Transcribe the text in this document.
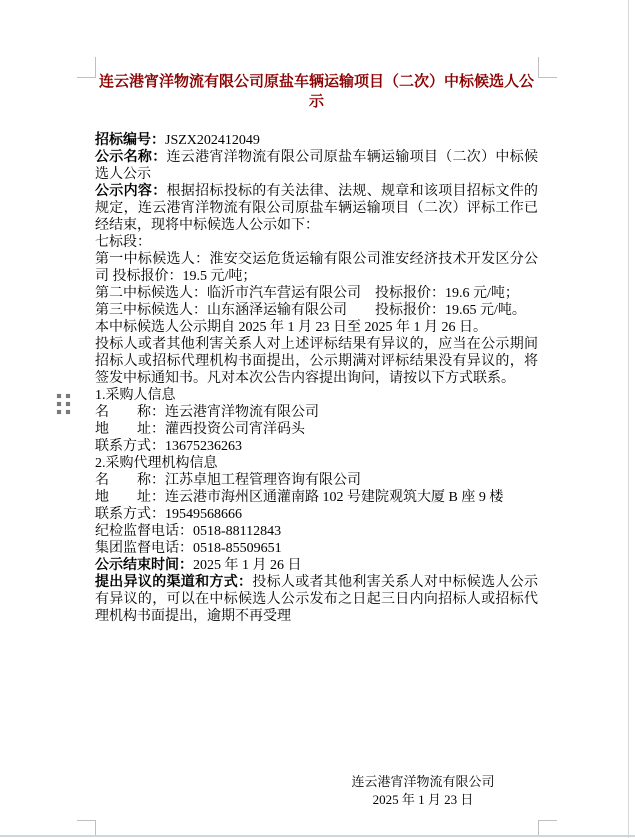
连云港宵洋物流有限公司原盐车辆运输项目（二次）中标候选人公示

招标编号：JSZX202412049

公示名称：连云港宵洋物流有限公司原盐车辆运输项目（二次）中标候选人公示

公示内容：根据招标投标的有关法律、法规、规章和该项目招标文件的规定，连云港宵洋物流有限公司原盐车辆运输项目（二次）评标工作已经结束，现将中标候选人公示如下：

七标段：

第一中标候选人：淮安交运危货运输有限公司淮安经济技术开发区分公司 投标报价：19.5 元/吨；

第二中标候选人：临沂市汽车营运有限公司　投标报价：19.6 元/吨；

第三中标候选人：山东涵泽运输有限公司　　投标报价：19.65 元/吨。

本中标候选人公示期自 2025 年 1 月 23 日至 2025 年 1 月 26 日。

投标人或者其他利害关系人对上述评标结果有异议的，应当在公示期间招标人或招标代理机构书面提出，公示期满对评标结果没有异议的，将签发中标通知书。凡对本次公告内容提出询问，请按以下方式联系。

1.采购人信息

名　　称：连云港宵洋物流有限公司

地　　址：灌西投资公司宵洋码头

联系方式：13675236263

2.采购代理机构信息

名　　称：江苏卓旭工程管理咨询有限公司

地　　址：连云港市海州区通灌南路 102 号建院观筑大厦 B 座 9 楼

联系方式：19549568666

纪检监督电话：0518-88112843

集团监督电话：0518-85509651

公示结束时间：2025 年 1 月 26 日

提出异议的渠道和方式：投标人或者其他利害关系人对中标候选人公示有异议的，可以在中标候选人公示发布之日起三日内向招标人或招标代理机构书面提出，逾期不再受理

连云港宵洋物流有限公司
2025 年 1 月 23 日
